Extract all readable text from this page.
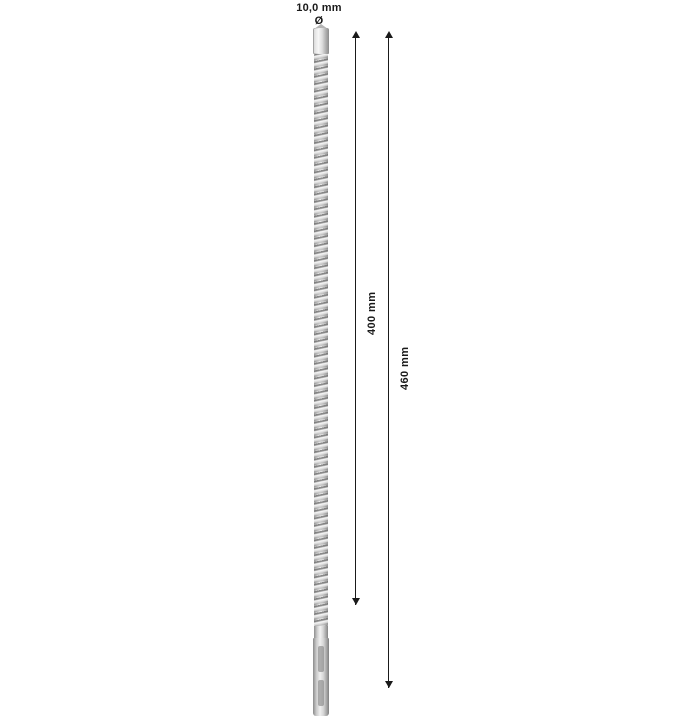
10,0 mm
Ø
400 mm
460 mm
